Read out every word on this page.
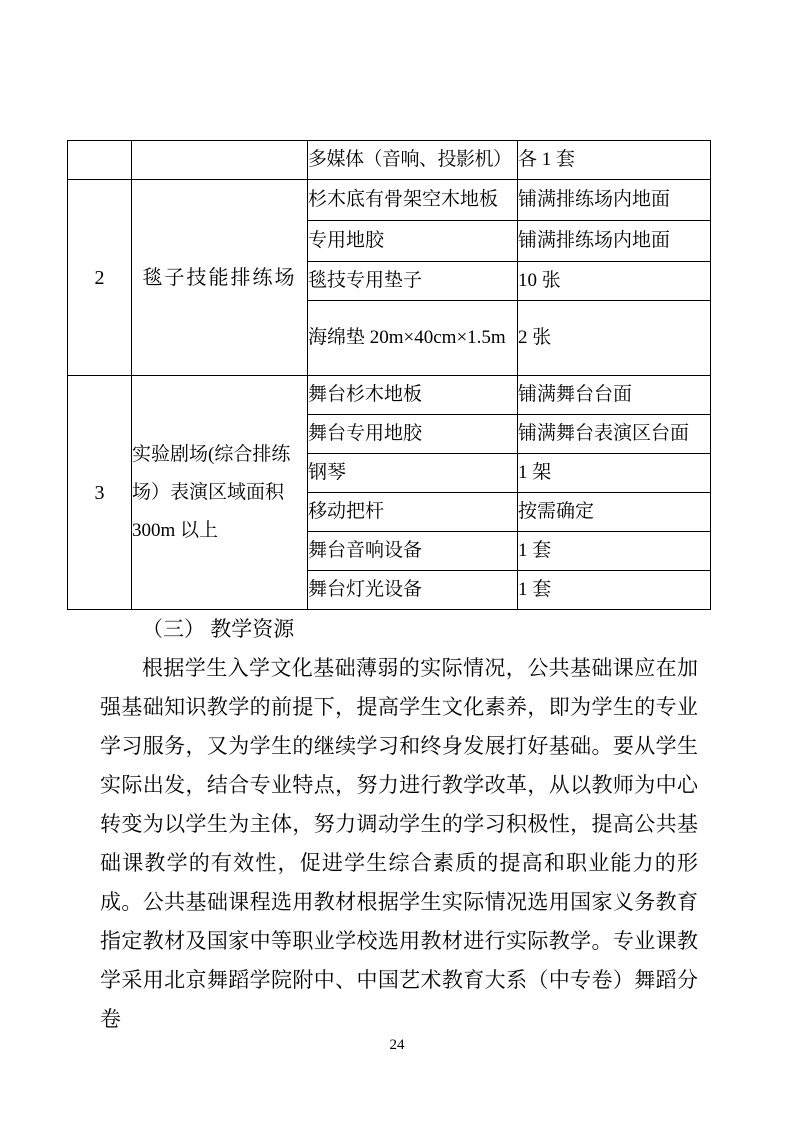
		多媒体（音响、投影机）	各 1 套
2	毯子技能排练场	杉木底有骨架空木地板	铺满排练场内地面
		专用地胶	铺满排练场内地面
		毯技专用垫子	10 张
		海绵垫 20m×40cm×1.5m	2 张
3	实验剧场(综合排练场）表演区域面积 300m 以上	舞台杉木地板	铺满舞台台面
		舞台专用地胶	铺满舞台表演区台面
		钢琴	1 架
		移动把杆	按需确定
		舞台音响设备	1 套
		舞台灯光设备	1 套
（三） 教学资源
根据学生入学文化基础薄弱的实际情况，公共基础课应在加强基础知识教学的前提下，提高学生文化素养，即为学生的专业学习服务，又为学生的继续学习和终身发展打好基础。要从学生实际出发，结合专业特点，努力进行教学改革，从以教师为中心转变为以学生为主体，努力调动学生的学习积极性，提高公共基础课教学的有效性，促进学生综合素质的提高和职业能力的形成。公共基础课程选用教材根据学生实际情况选用国家义务教育指定教材及国家中等职业学校选用教材进行实际教学。专业课教学采用北京舞蹈学院附中、中国艺术教育大系（中专卷）舞蹈分卷
24
